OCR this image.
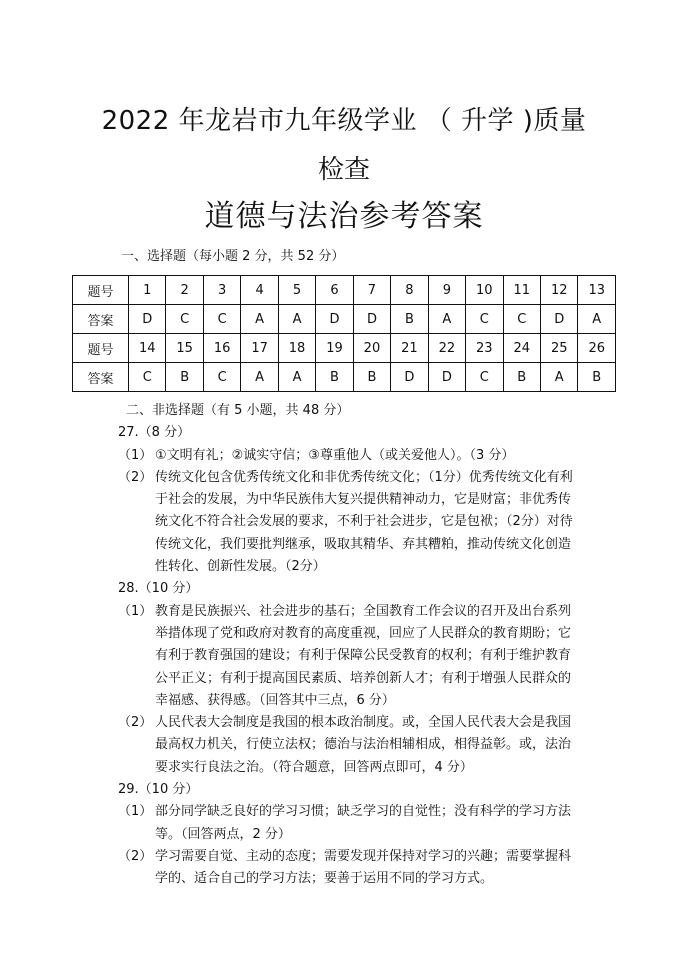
2022 年龙岩市九年级学业 （ 升学 )质量
检查
道德与法治参考答案
一、选择题（每小题 2 分，共 52 分）
题号	1	2	3	4	5	6	7	8	9	10	11	12	13
答案	D	C	C	A	A	D	D	B	A	C	C	D	A
题号	14	15	16	17	18	19	20	21	22	23	24	25	26
答案	C	B	C	A	A	B	B	D	D	C	B	A	B
二、非选择题（有 5 小题，共 48 分）
27.（8 分）
（1） ①文明有礼；②诚实守信；③尊重他人（或关爱他人）。（3 分）
（2） 传统文化包含优秀传统文化和非优秀传统文化；（1分）优秀传统文化有利于社会的发展，为中华民族伟大复兴提供精神动力，它是财富；非优秀传统文化不符合社会发展的要求，不利于社会进步，它是包袱；（2分）对待传统文化，我们要批判继承，吸取其精华、弃其糟粕，推动传统文化创造性转化、创新性发展。（2分）
28.（10 分）
（1） 教育是民族振兴、社会进步的基石；全国教育工作会议的召开及出台系列举措体现了党和政府对教育的高度重视，回应了人民群众的教育期盼；它有利于教育强国的建设；有利于保障公民受教育的权利；有利于维护教育公平正义；有利于提高国民素质、培养创新人才；有利于增强人民群众的幸福感、获得感。（回答其中三点，6 分）
（2） 人民代表大会制度是我国的根本政治制度。或，全国人民代表大会是我国最高权力机关，行使立法权；德治与法治相辅相成，相得益彰。或，法治要求实行良法之治。（符合题意，回答两点即可，4 分）
29.（10 分）
（1） 部分同学缺乏良好的学习习惯；缺乏学习的自觉性；没有科学的学习方法等。（回答两点，2 分）
（2） 学习需要自觉、主动的态度；需要发现并保持对学习的兴趣；需要掌握科学的、适合自己的学习方法；要善于运用不同的学习方式。
